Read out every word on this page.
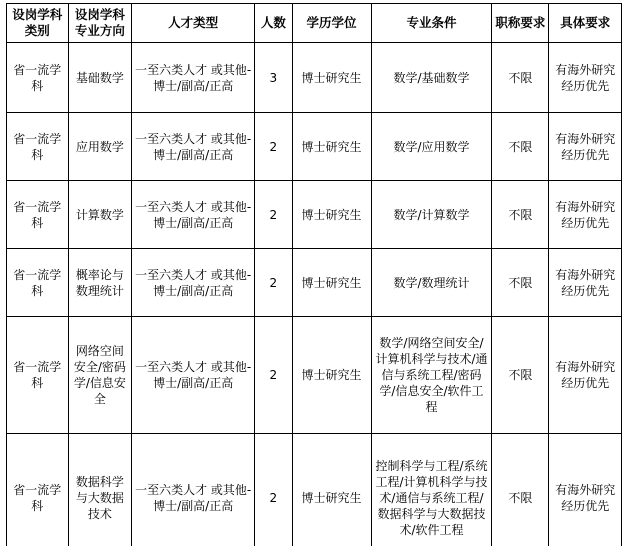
设岗学科类别	设岗学科专业方向	人才类型	人数	学历学位	专业条件	职称要求	具体要求
省一流学科	基础数学	一至六类人才 或其他-博士/副高/正高	3	博士研究生	数学/基础数学	不限	有海外研究经历优先
省一流学科	应用数学	一至六类人才 或其他-博士/副高/正高	2	博士研究生	数学/应用数学	不限	有海外研究经历优先
省一流学科	计算数学	一至六类人才 或其他-博士/副高/正高	2	博士研究生	数学/计算数学	不限	有海外研究经历优先
省一流学科	概率论与数理统计	一至六类人才 或其他-博士/副高/正高	2	博士研究生	数学/数理统计	不限	有海外研究经历优先
省一流学科	网络空间安全/密码学/信息安全	一至六类人才 或其他-博士/副高/正高	2	博士研究生	数学/网络空间安全/计算机科学与技术/通信与系统工程/密码学/信息安全/软件工程	不限	有海外研究经历优先
省一流学科	数据科学与大数据技术	一至六类人才 或其他-博士/副高/正高	2	博士研究生	控制科学与工程/系统工程/计算机科学与技术/通信与系统工程/数据科学与大数据技术/软件工程	不限	有海外研究经历优先
